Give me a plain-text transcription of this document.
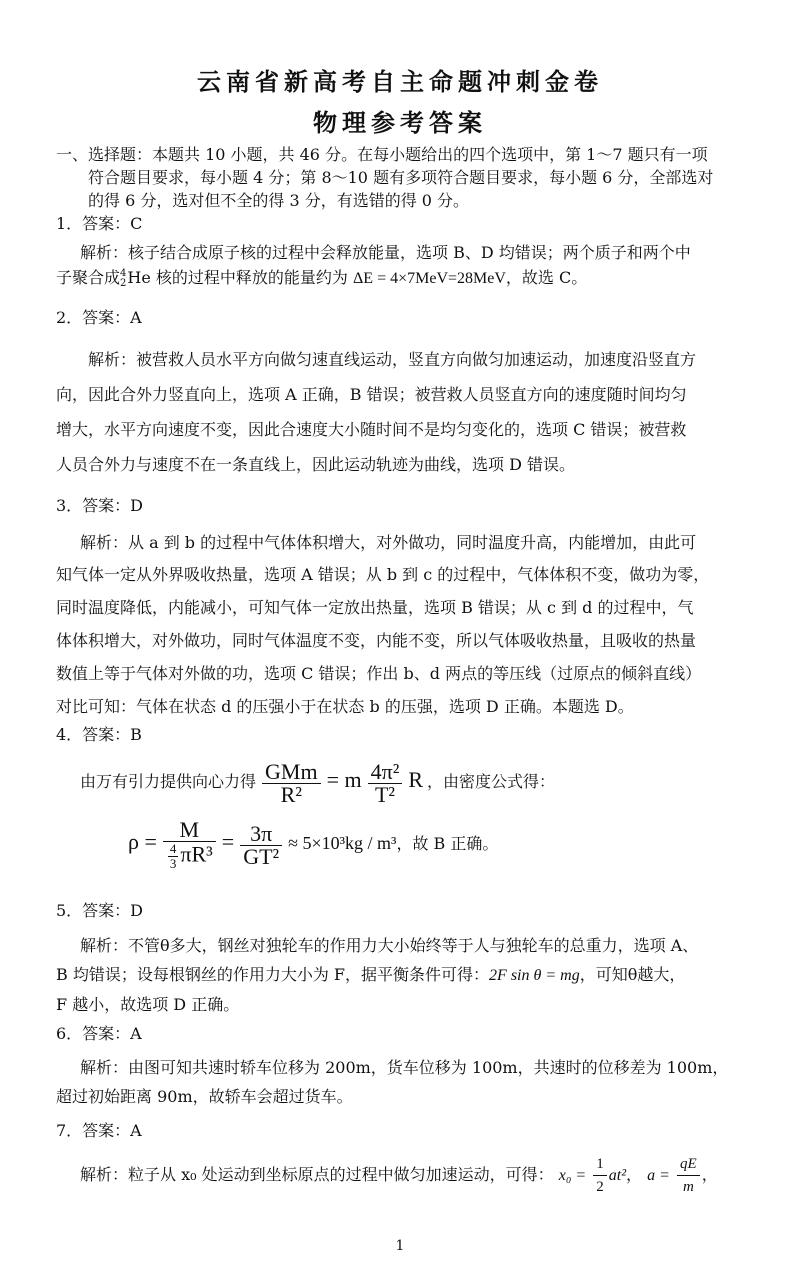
云南省新高考自主命题冲刺金卷
物理参考答案
一、选择题：本题共 10 小题，共 46 分。在每小题给出的四个选项中，第 1～7 题只有一项
符合题目要求，每小题 4 分；第 8～10 题有多项符合题目要求，每小题 6 分，全部选对
的得 6 分，选对但不全的得 3 分，有选错的得 0 分。
1．答案：C
解析：核子结合成原子核的过程中会释放能量，选项 B、D 均错误；两个质子和两个中
子聚合成 4
2 He 核的过程中释放的能量约为 ΔE = 4×7MeV=28MeV，故选 C。
2．答案：A
解析：被营救人员水平方向做匀速直线运动，竖直方向做匀加速运动，加速度沿竖直方
向，因此合外力竖直向上，选项 A 正确，B 错误；被营救人员竖直方向的速度随时间均匀
增大，水平方向速度不变，因此合速度大小随时间不是均匀变化的，选项 C 错误；被营救
人员合外力与速度不在一条直线上，因此运动轨迹为曲线，选项 D 错误。
3．答案：D
解析：从 a 到 b 的过程中气体体积增大，对外做功，同时温度升高，内能增加，由此可
知气体一定从外界吸收热量，选项 A 错误；从 b 到 c 的过程中，气体体积不变，做功为零，
同时温度降低，内能减小，可知气体一定放出热量，选项 B 错误；从 c 到 d 的过程中，气
体体积增大，对外做功，同时气体温度不变，内能不变，所以气体吸收热量，且吸收的热量
数值上等于气体对外做的功，选项 C 错误；作出 b、d 两点的等压线（过原点的倾斜直线）
对比可知：气体在状态 d 的压强小于在状态 b 的压强，选项 D 正确。本题选 D。
4．答案：B
由万有引力提供向心力得 $\frac{\text{GMm}}{\text{R²}} = m \frac{\text{4π²}}{\text{T²}}$ R ，由密度公式得：
$\rho = \frac{M}{\frac{4}{3} \pi R^3} = \frac{3\pi}{\text{GT²}} \approx 5\times 10^3kg / m^3$，故 B 正确。
5．答案：D
解析：不管θ多大，钢丝对独轮车的作用力大小始终等于人与独轮车的总重力，选项 A、
B 均错误；设每根钢丝的作用力大小为 F，据平衡条件可得：2F sin θ = mg，可知θ越大，
F 越小，故选项 D 正确。
6．答案：A
解析：由图可知共速时轿车位移为 200m，货车位移为 100m，共速时的位移差为 100m，
超过初始距离 90m，故轿车会超过货车。
7．答案：A
解析：粒子从 x₀ 处运动到坐标原点的过程中做匀加速运动，可得： $x_0 = \frac{1}{2} at^2$， $a = \frac{qE}{m}$ ，
1
